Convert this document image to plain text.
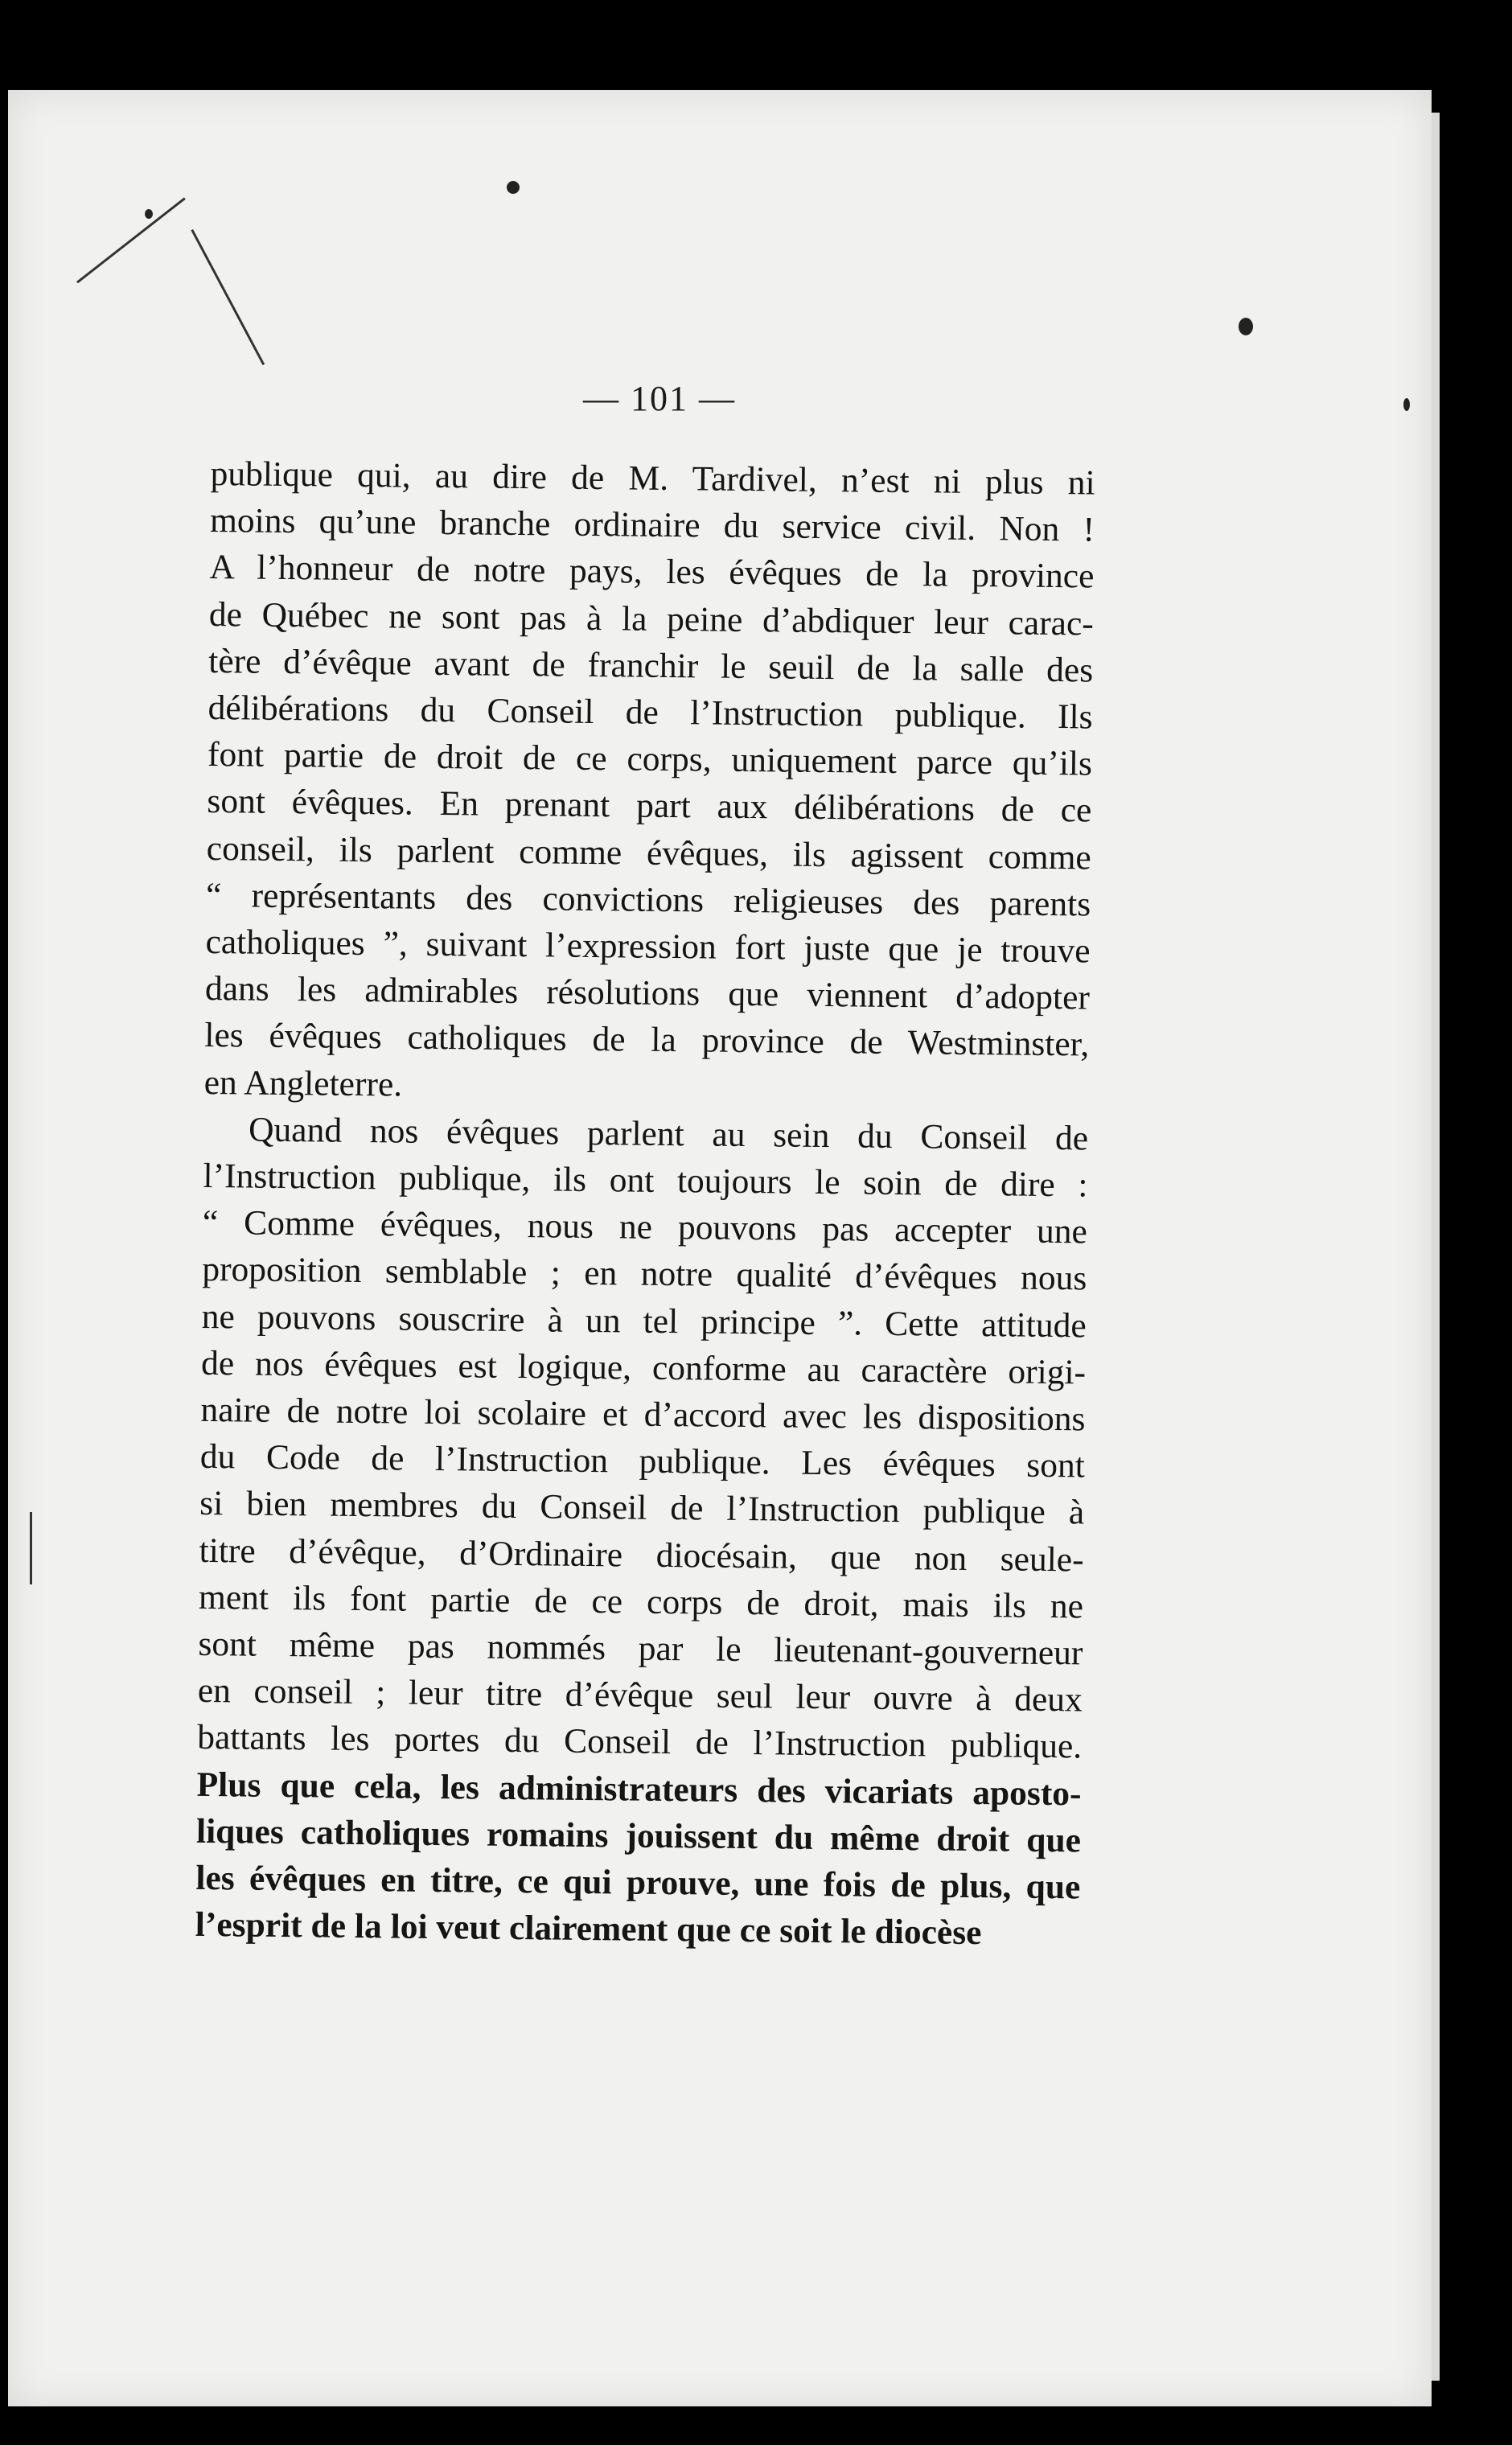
— 101 —
publique qui, au dire de M. Tardivel, n’est ni plus ni
moins qu’une branche ordinaire du service civil. Non !
A l’honneur de notre pays, les évêques de la province
de Québec ne sont pas à la peine d’abdiquer leur carac-
tère d’évêque avant de franchir le seuil de la salle des
délibérations du Conseil de l’Instruction publique. Ils
font partie de droit de ce corps, uniquement parce qu’ils
sont évêques. En prenant part aux délibérations de ce
conseil, ils parlent comme évêques, ils agissent comme
“ représentants des convictions religieuses des parents
catholiques ”, suivant l’expression fort juste que je trouve
dans les admirables résolutions que viennent d’adopter
les évêques catholiques de la province de Westminster,
en Angleterre.
Quand nos évêques parlent au sein du Conseil de
l’Instruction publique, ils ont toujours le soin de dire :
“ Comme évêques, nous ne pouvons pas accepter une
proposition semblable ; en notre qualité d’évêques nous
ne pouvons souscrire à un tel principe ”. Cette attitude
de nos évêques est logique, conforme au caractère origi-
naire de notre loi scolaire et d’accord avec les dispositions
du Code de l’Instruction publique. Les évêques sont
si bien membres du Conseil de l’Instruction publique à
titre d’évêque, d’Ordinaire diocésain, que non seule-
ment ils font partie de ce corps de droit, mais ils ne
sont même pas nommés par le lieutenant-gouverneur
en conseil ; leur titre d’évêque seul leur ouvre à deux
battants les portes du Conseil de l’Instruction publique.
Plus que cela, les administrateurs des vicariats aposto-
liques catholiques romains jouissent du même droit que
les évêques en titre, ce qui prouve, une fois de plus, que
l’esprit de la loi veut clairement que ce soit le diocèse
